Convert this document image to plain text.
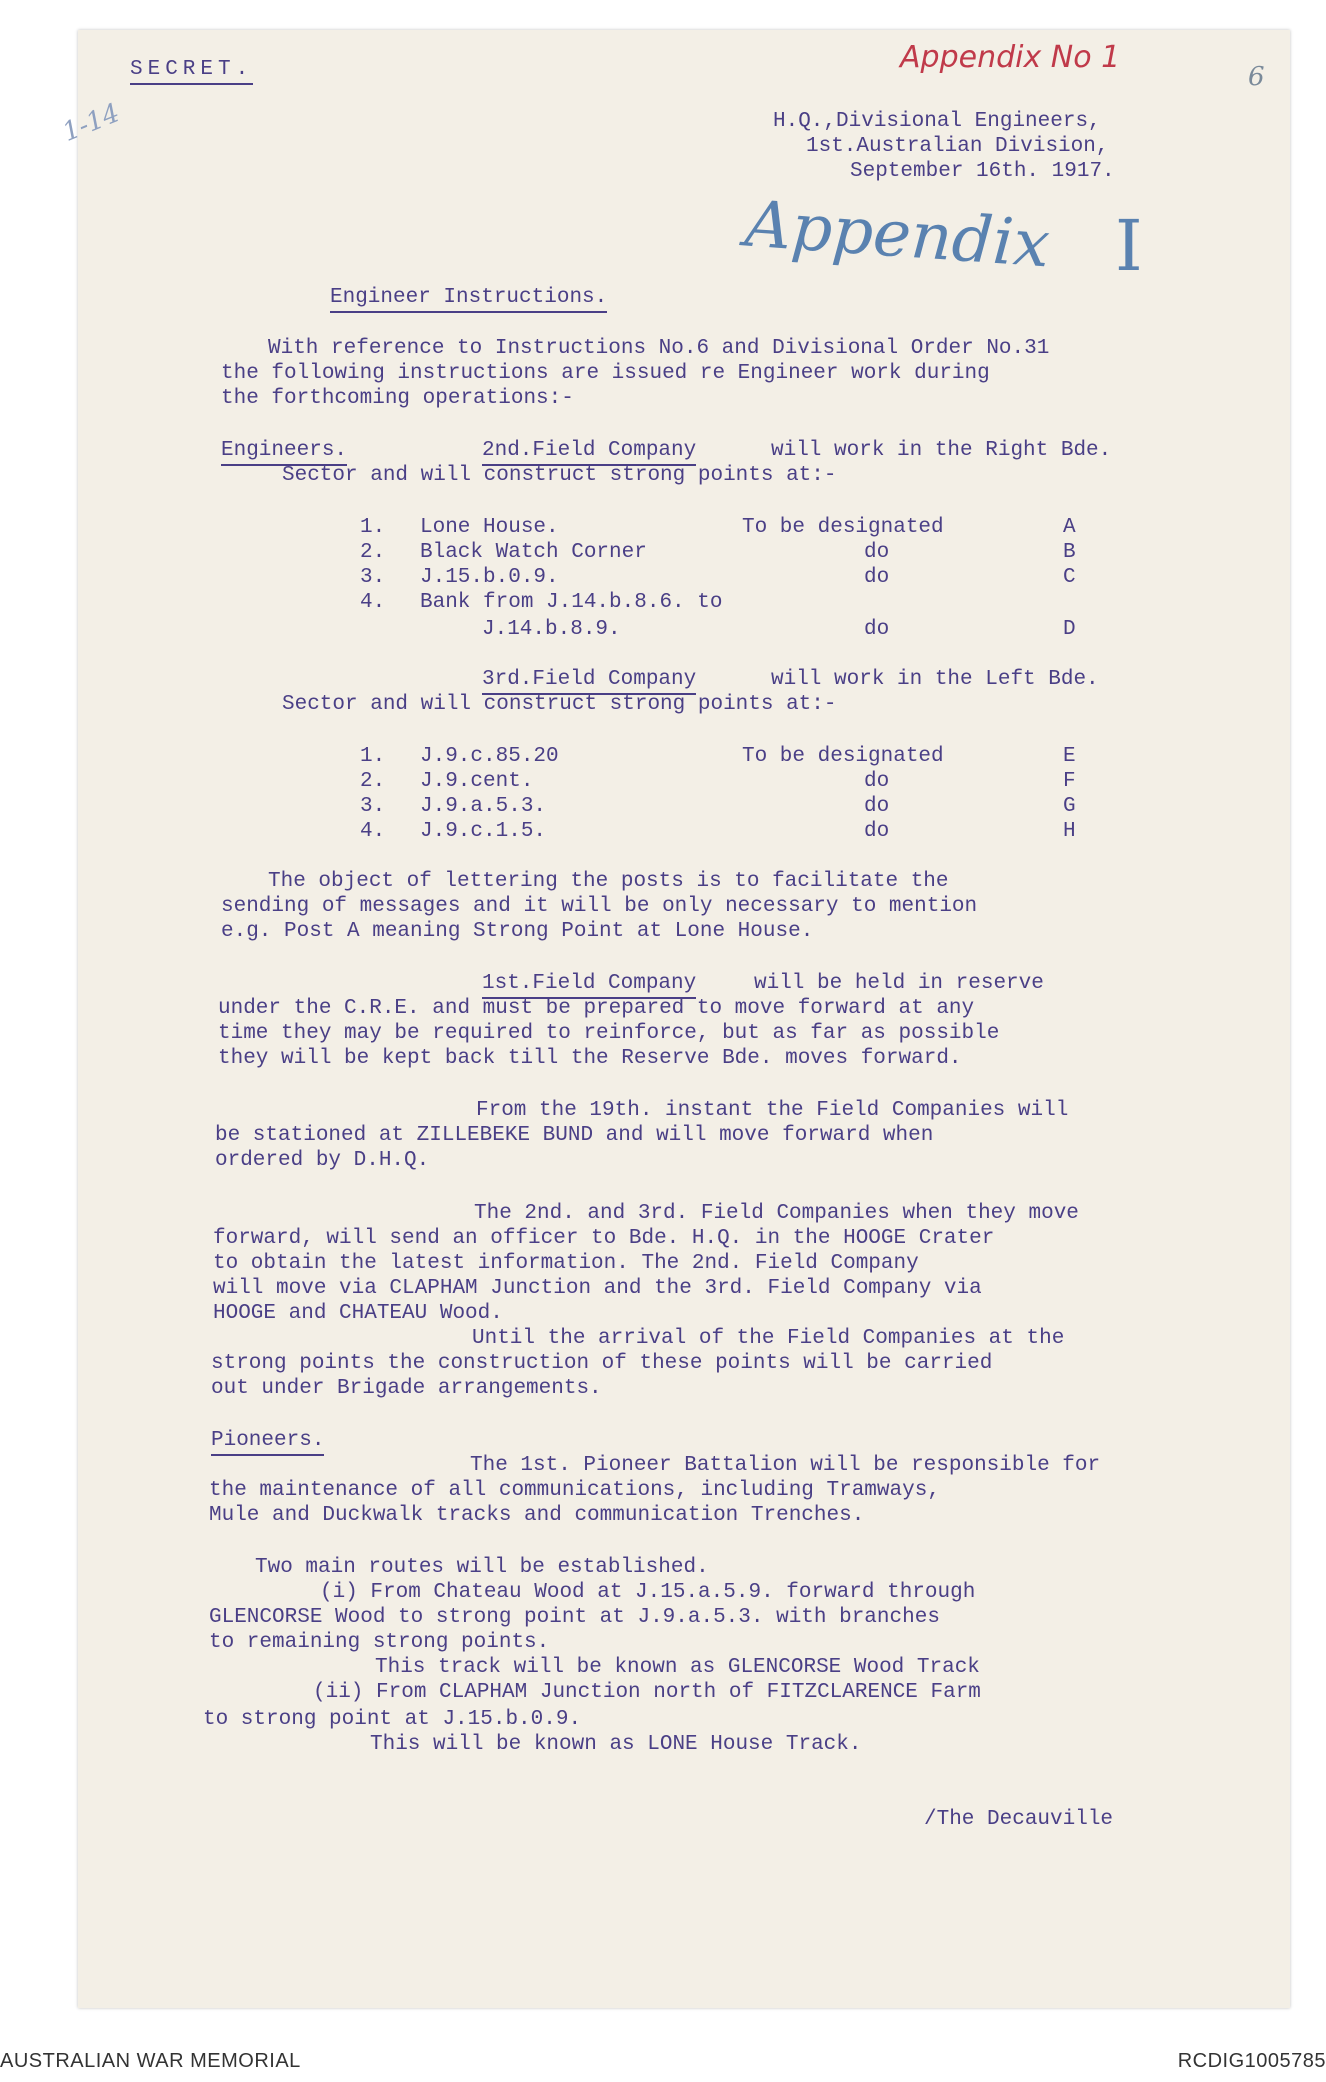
SECRET.	Appendix No 1
6
1-14	H.Q.,Divisional Engineers,
1st.Australian Division,
September 16th. 1917.
Appendix I
Engineer Instructions.
With reference to Instructions No.6 and Divisional Order No.31
the following instructions are issued re Engineer work during
the forthcoming operations:-
Engineers.	2nd.Field Company	will work in the Right Bde.
Sector and will construct strong points at:-
1. Lone House.	To be designated	A
2. Black Watch Corner	do	B
3. J.15.b.0.9.	do	C
4. Bank from J.14.b.8.6. to
J.14.b.8.9.	do	D
3rd.Field Company	will work in the Left Bde.
Sector and will construct strong points at:-
1. J.9.c.85.20	To be designated	E
2. J.9.cent.	do	F
3. J.9.a.5.3.	do	G
4. J.9.c.1.5.	do	H
The object of lettering the posts is to facilitate the
sending of messages and it will be only necessary to mention
e.g. Post A meaning Strong Point at Lone House.
1st.Field Company	will be held in reserve
under the C.R.E. and must be prepared to move forward at any
time they may be required to reinforce, but as far as possible
they will be kept back till the Reserve Bde. moves forward.
From the 19th. instant the Field Companies will
be stationed at ZILLEBEKE BUND and will move forward when
ordered by D.H.Q.
The 2nd. and 3rd. Field Companies when they move
forward, will send an officer to Bde. H.Q. in the HOOGE Crater
to obtain the latest information. The 2nd. Field Company
will move via CLAPHAM Junction and the 3rd. Field Company via
HOOGE and CHATEAU Wood.
Until the arrival of the Field Companies at the
strong points the construction of these points will be carried
out under Brigade arrangements.
Pioneers.
The 1st. Pioneer Battalion will be responsible for
the maintenance of all communications, including Tramways,
Mule and Duckwalk tracks and communication Trenches.
Two main routes will be established.
(i) From Chateau Wood at J.15.a.5.9. forward through
GLENCORSE Wood to strong point at J.9.a.5.3. with branches
to remaining strong points.
This track will be known as GLENCORSE Wood Track
(ii) From CLAPHAM Junction north of FITZCLARENCE Farm
to strong point at J.15.b.0.9.
This will be known as LONE House Track.
/The Decauville
AUSTRALIAN WAR MEMORIAL	RCDIG1005785
